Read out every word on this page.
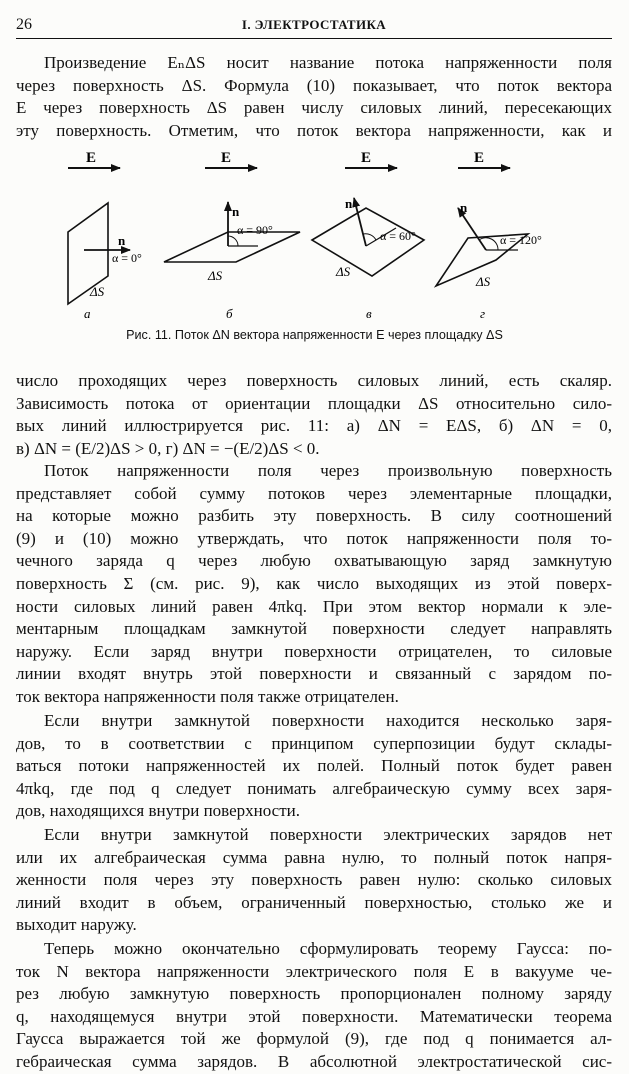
26	I. ЭЛЕКТРОСТАТИКА
Произведение EₙΔS носит название потока напряженности поля
через поверхность ΔS. Формула (10) показывает, что поток вектора
E через поверхность ΔS равен числу силовых линий, пересекающих
эту поверхность. Отметим, что поток вектора напряженности, как и
E
n
α = 0°
ΔS
а
E
n
α = 90°
ΔS
б
E
n
α = 60°
ΔS
в
E
n
α = 120°
ΔS
г
Рис. 11. Поток ΔN вектора напряженности E через площадку ΔS
число проходящих через поверхность силовых линий, есть скаляр.
Зависимость потока от ориентации площадки ΔS относительно сило-
вых линий иллюстрируется рис. 11: а) ΔN = EΔS, б) ΔN = 0,
в) ΔN = (E/2)ΔS > 0, г) ΔN = −(E/2)ΔS < 0.
Поток напряженности поля через произвольную поверхность
представляет собой сумму потоков через элементарные площадки,
на которые можно разбить эту поверхность. В силу соотношений
(9) и (10) можно утверждать, что поток напряженности поля то-
чечного заряда q через любую охватывающую заряд замкнутую
поверхность Σ (см. рис. 9), как число выходящих из этой поверх-
ности силовых линий равен 4πkq. При этом вектор нормали к эле-
ментарным площадкам замкнутой поверхности следует направлять
наружу. Если заряд внутри поверхности отрицателен, то силовые
линии входят внутрь этой поверхности и связанный с зарядом по-
ток вектора напряженности поля также отрицателен.
Если внутри замкнутой поверхности находится несколько заря-
дов, то в соответствии с принципом суперпозиции будут склады-
ваться потоки напряженностей их полей. Полный поток будет равен
4πkq, где под q следует понимать алгебраическую сумму всех заря-
дов, находящихся внутри поверхности.
Если внутри замкнутой поверхности электрических зарядов нет
или их алгебраическая сумма равна нулю, то полный поток напря-
женности поля через эту поверхность равен нулю: сколько силовых
линий входит в объем, ограниченный поверхностью, столько же и
выходит наружу.
Теперь можно окончательно сформулировать теорему Гаусса: по-
ток N вектора напряженности электрического поля E в вакууме че-
рез любую замкнутую поверхность пропорционален полному заряду
q, находящемуся внутри этой поверхности. Математически теорема
Гаусса выражается той же формулой (9), где под q понимается ал-
гебраическая сумма зарядов. В абсолютной электростатической сис-
